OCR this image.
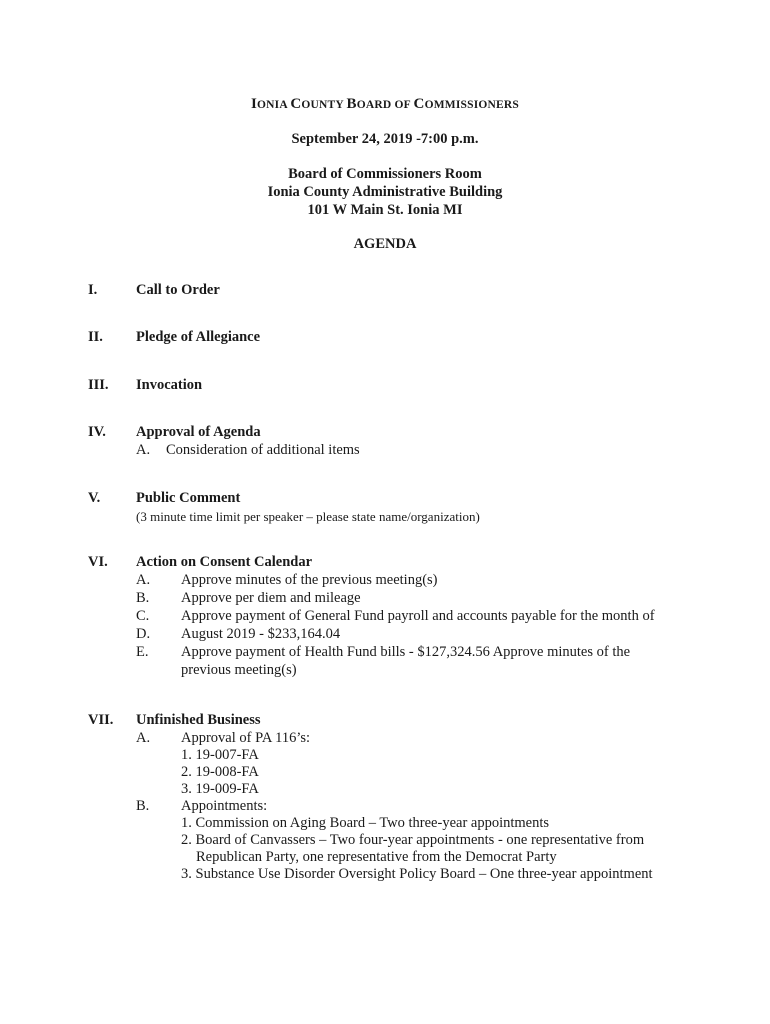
IONIA COUNTY BOARD OF COMMISSIONERS
September 24, 2019 -7:00 p.m.
Board of Commissioners Room
Ionia County Administrative Building
101 W Main St. Ionia MI
AGENDA
I.	Call to Order
II. Pledge of Allegiance
III. Invocation
IV. Approval of Agenda
A. Consideration of additional items
V. Public Comment
(3 minute time limit per speaker – please state name/organization)
VI. Action on Consent Calendar
A. Approve minutes of the previous meeting(s)
B. Approve per diem and mileage
C. Approve payment of General Fund payroll and accounts payable for the month of
D. August 2019 - $233,164.04
E. Approve payment of Health Fund bills - $127,324.56 Approve minutes of the
previous meeting(s)
VII. Unfinished Business
A. Approval of PA 116’s:
1. 19-007-FA
2. 19-008-FA
3. 19-009-FA
B. Appointments:
1. Commission on Aging Board – Two three-year appointments
2. Board of Canvassers – Two four-year appointments - one representative from
Republican Party, one representative from the Democrat Party
3. Substance Use Disorder Oversight Policy Board – One three-year appointment
